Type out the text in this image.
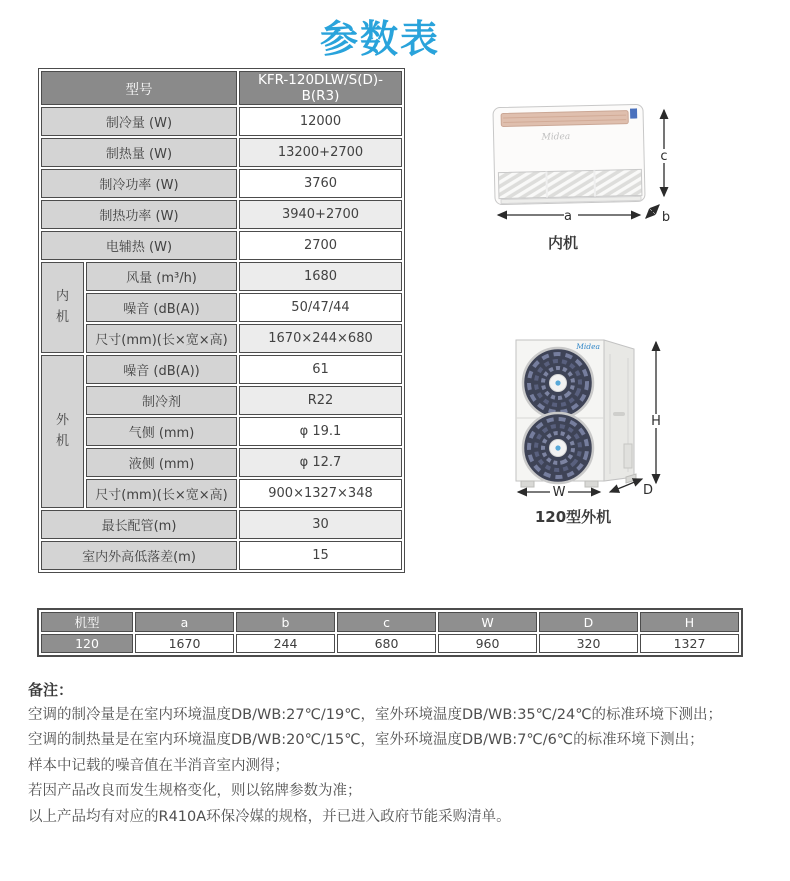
参数表
型号		KFR-120DLW/S(D)-B(R3)
制冷量 (W)		12000
制热量 (W)		13200+2700
制冷功率 (W)		3760
制热功率 (W)		3940+2700
电辅热 (W)		2700
内机	风量 (m³/h)	1680
	噪音 (dB(A))	50/47/44
	尺寸(mm)(长×宽×高)	1670×244×680
外机	噪音 (dB(A))	61
	制冷剂	R22
	气侧 (mm)	φ 19.1
	液侧 (mm)	φ 12.7
	尺寸(mm)(长×宽×高)	900×1327×348
最长配管(m)		30
室内外高低落差(m)		15
Midea
a
c
b
内机
Midea
H
W	D
120型外机
机型	a	b	c	W	D	H
120	1670	244	680	960	320	1327
备注：

空调的制冷量是在室内环境温度DB/WB:27℃/19℃，室外环境温度DB/WB:35℃/24℃的标准环境下测出；

空调的制热量是在室内环境温度DB/WB:20℃/15℃，室外环境温度DB/WB:7℃/6℃的标准环境下测出；

样本中记载的噪音值在半消音室内测得；

若因产品改良而发生规格变化，则以铭牌参数为准；

以上产品均有对应的R410A环保冷媒的规格，并已进入政府节能采购清单。
